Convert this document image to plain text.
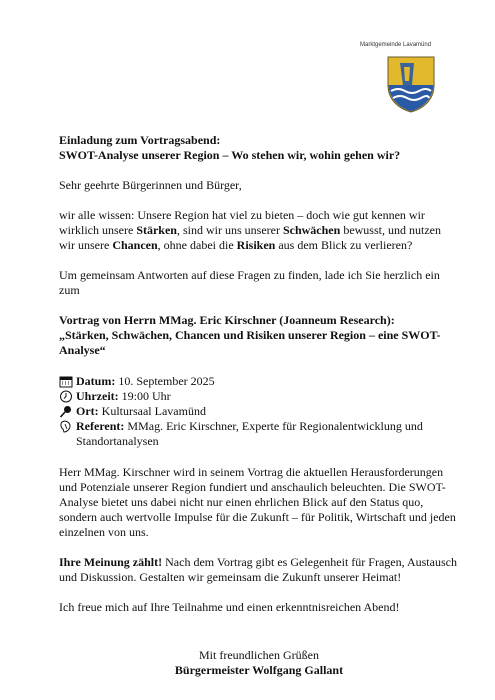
Marktgemeinde Lavamünd

Einladung zum Vortragsabend:
SWOT-Analyse unserer Region – Wo stehen wir, wohin gehen wir?

Sehr geehrte Bürgerinnen und Bürger,

wir alle wissen: Unsere Region hat viel zu bieten – doch wie gut kennen wir wirklich unsere Stärken, sind wir uns unserer Schwächen bewusst, und nutzen wir unsere Chancen, ohne dabei die Risiken aus dem Blick zu verlieren?

Um gemeinsam Antworten auf diese Fragen zu finden, lade ich Sie herzlich ein zum

Vortrag von Herrn MMag. Eric Kirschner (Joanneum Research):
„Stärken, Schwächen, Chancen und Risiken unserer Region – eine SWOT-Analyse“

Datum: 10. September 2025
Uhrzeit: 19:00 Uhr
Ort: Kultursaal Lavamünd
Referent: MMag. Eric Kirschner, Experte für Regionalentwicklung und Standortanalysen

Herr MMag. Kirschner wird in seinem Vortrag die aktuellen Herausforderungen und Potenziale unserer Region fundiert und anschaulich beleuchten. Die SWOT-Analyse bietet uns dabei nicht nur einen ehrlichen Blick auf den Status quo, sondern auch wertvolle Impulse für die Zukunft – für Politik, Wirtschaft und jeden einzelnen von uns.

Ihre Meinung zählt! Nach dem Vortrag gibt es Gelegenheit für Fragen, Austausch und Diskussion. Gestalten wir gemeinsam die Zukunft unserer Heimat!

Ich freue mich auf Ihre Teilnahme und einen erkenntnisreichen Abend!

Mit freundlichen Grüßen

Bürgermeister Wolfgang Gallant
